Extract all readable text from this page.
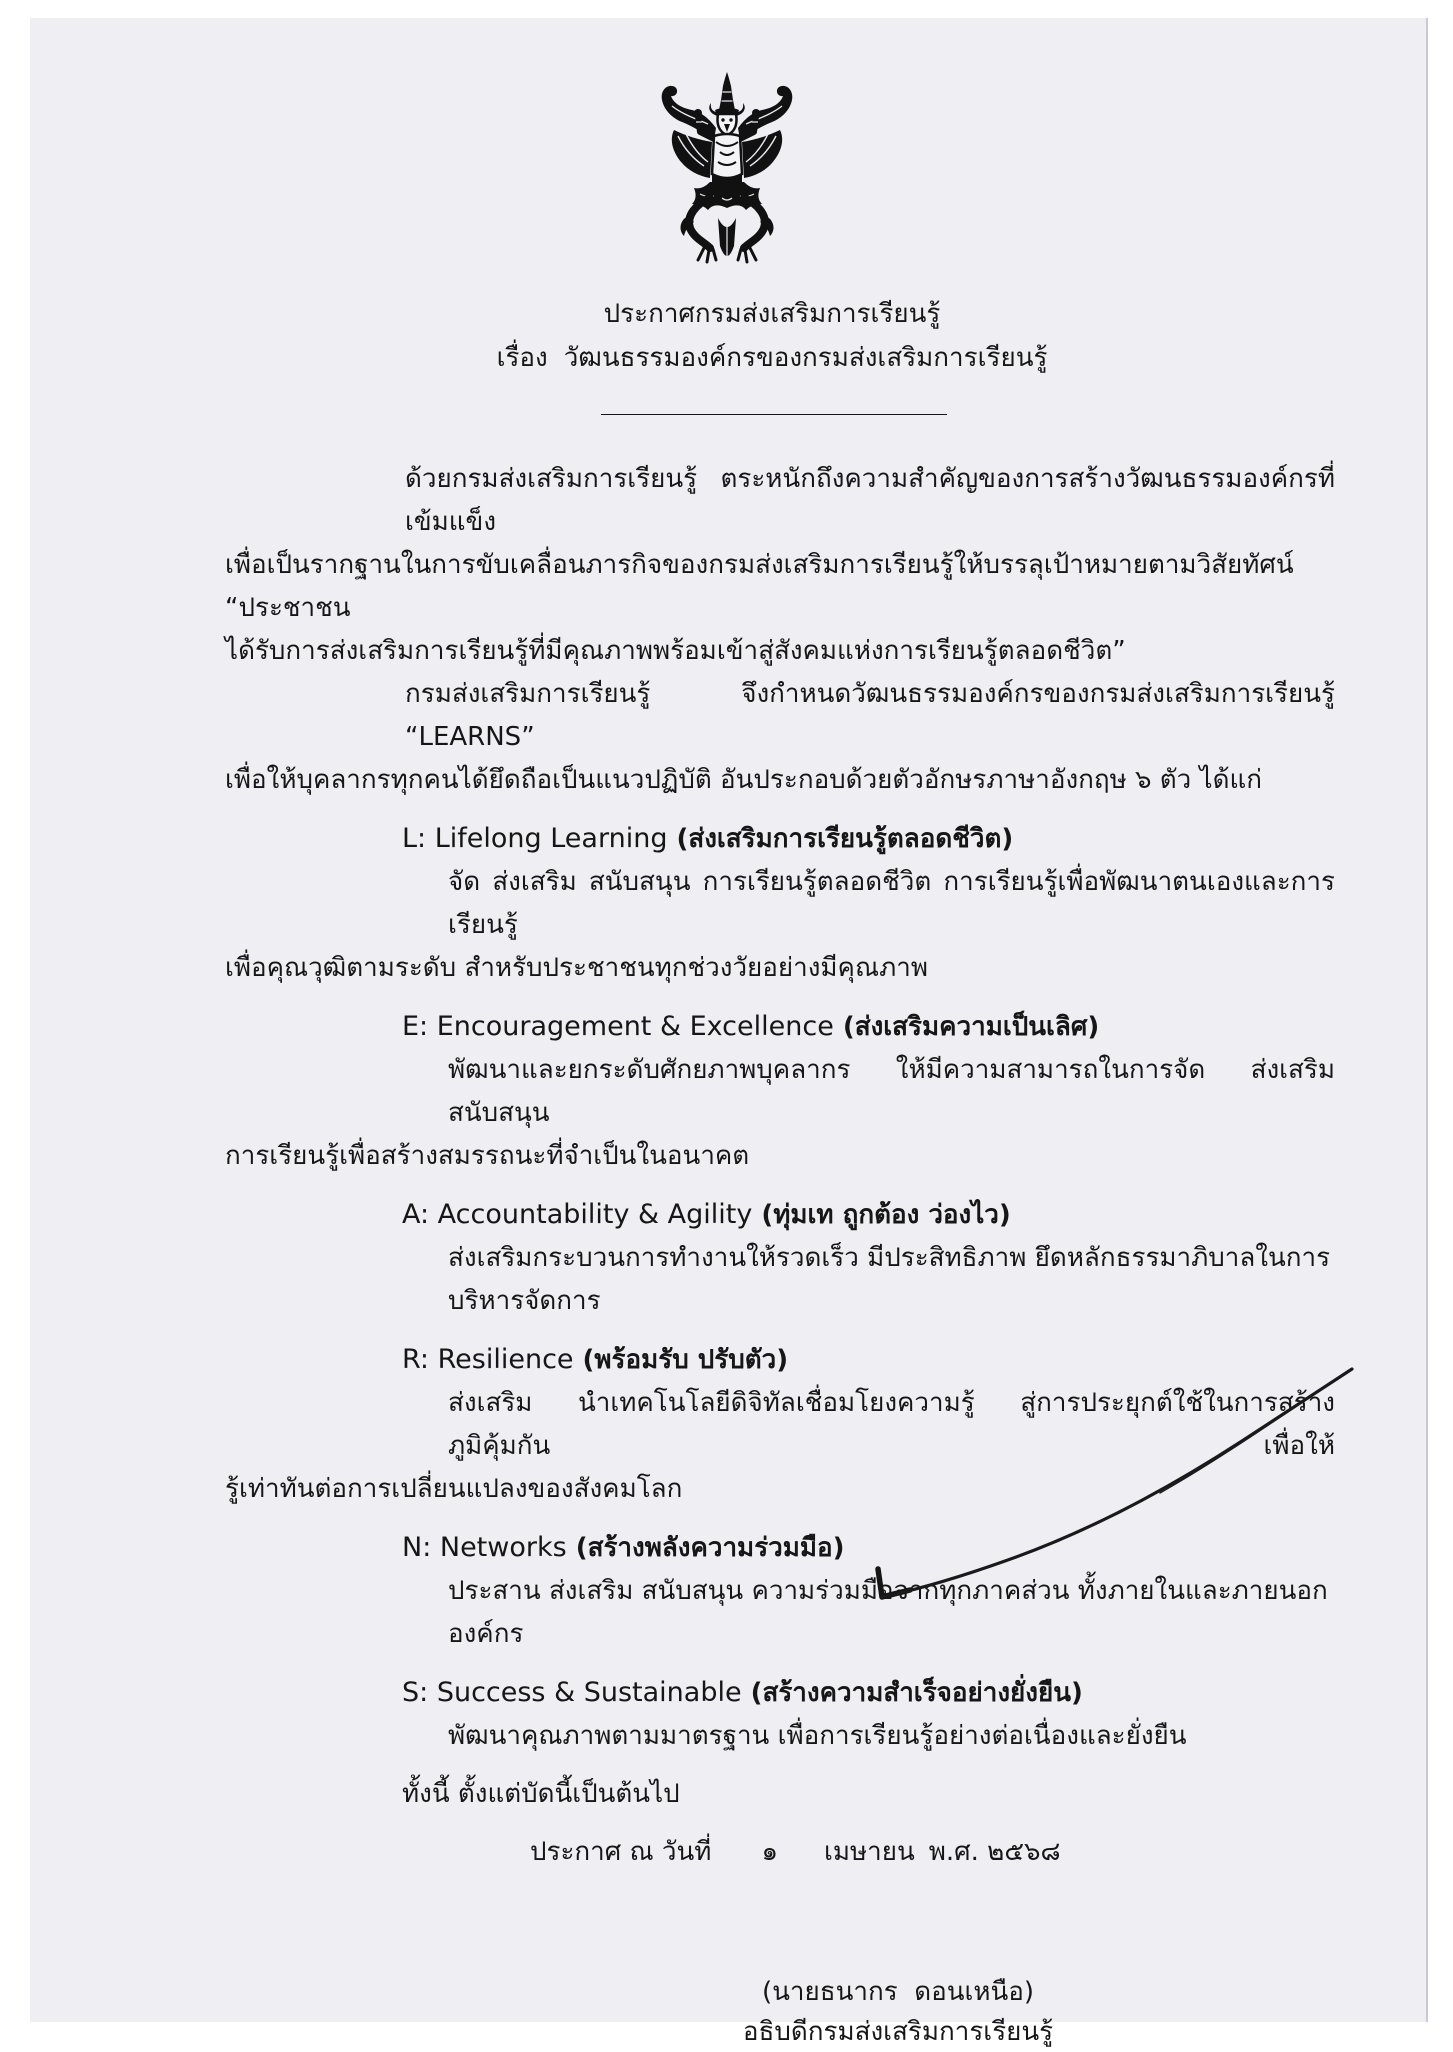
ประกาศกรมส่งเสริมการเรียนรู้
เรื่อง วัฒนธรรมองค์กรของกรมส่งเสริมการเรียนรู้
ด้วยกรมส่งเสริมการเรียนรู้ ตระหนักถึงความสำคัญของการสร้างวัฒนธรรมองค์กรที่เข้มแข็ง
เพื่อเป็นรากฐานในการขับเคลื่อนภารกิจของกรมส่งเสริมการเรียนรู้ให้บรรลุเป้าหมายตามวิสัยทัศน์ “ประชาชน
ได้รับการส่งเสริมการเรียนรู้ที่มีคุณภาพพร้อมเข้าสู่สังคมแห่งการเรียนรู้ตลอดชีวิต”
กรมส่งเสริมการเรียนรู้ จึงกำหนดวัฒนธรรมองค์กรของกรมส่งเสริมการเรียนรู้ “LEARNS”
เพื่อให้บุคลากรทุกคนได้ยึดถือเป็นแนวปฏิบัติ อันประกอบด้วยตัวอักษรภาษาอังกฤษ ๖ ตัว ได้แก่
L: Lifelong Learning (ส่งเสริมการเรียนรู้ตลอดชีวิต)
จัด ส่งเสริม สนับสนุน การเรียนรู้ตลอดชีวิต การเรียนรู้เพื่อพัฒนาตนเองและการเรียนรู้
เพื่อคุณวุฒิตามระดับ สำหรับประชาชนทุกช่วงวัยอย่างมีคุณภาพ
E: Encouragement & Excellence (ส่งเสริมความเป็นเลิศ)
พัฒนาและยกระดับศักยภาพบุคลากร ให้มีความสามารถในการจัด ส่งเสริม สนับสนุน
การเรียนรู้เพื่อสร้างสมรรถนะที่จำเป็นในอนาคต
A: Accountability & Agility (ทุ่มเท ถูกต้อง ว่องไว)
ส่งเสริมกระบวนการทำงานให้รวดเร็ว มีประสิทธิภาพ ยึดหลักธรรมาภิบาลในการบริหารจัดการ
R: Resilience (พร้อมรับ ปรับตัว)
ส่งเสริม นำเทคโนโลยีดิจิทัลเชื่อมโยงความรู้ สู่การประยุกต์ใช้ในการสร้างภูมิคุ้มกัน เพื่อให้
รู้เท่าทันต่อการเปลี่ยนแปลงของสังคมโลก
N: Networks (สร้างพลังความร่วมมือ)
ประสาน ส่งเสริม สนับสนุน ความร่วมมือจากทุกภาคส่วน ทั้งภายในและภายนอกองค์กร
S: Success & Sustainable (สร้างความสำเร็จอย่างยั่งยืน)
พัฒนาคุณภาพตามมาตรฐาน เพื่อการเรียนรู้อย่างต่อเนื่องและยั่งยืน
ทั้งนี้ ตั้งแต่บัดนี้เป็นต้นไป
ประกาศ ณ วันที่ ๑ เมษายน พ.ศ. ๒๕๖๘
(นายธนากร  ดอนเหนือ)
อธิบดีกรมส่งเสริมการเรียนรู้
